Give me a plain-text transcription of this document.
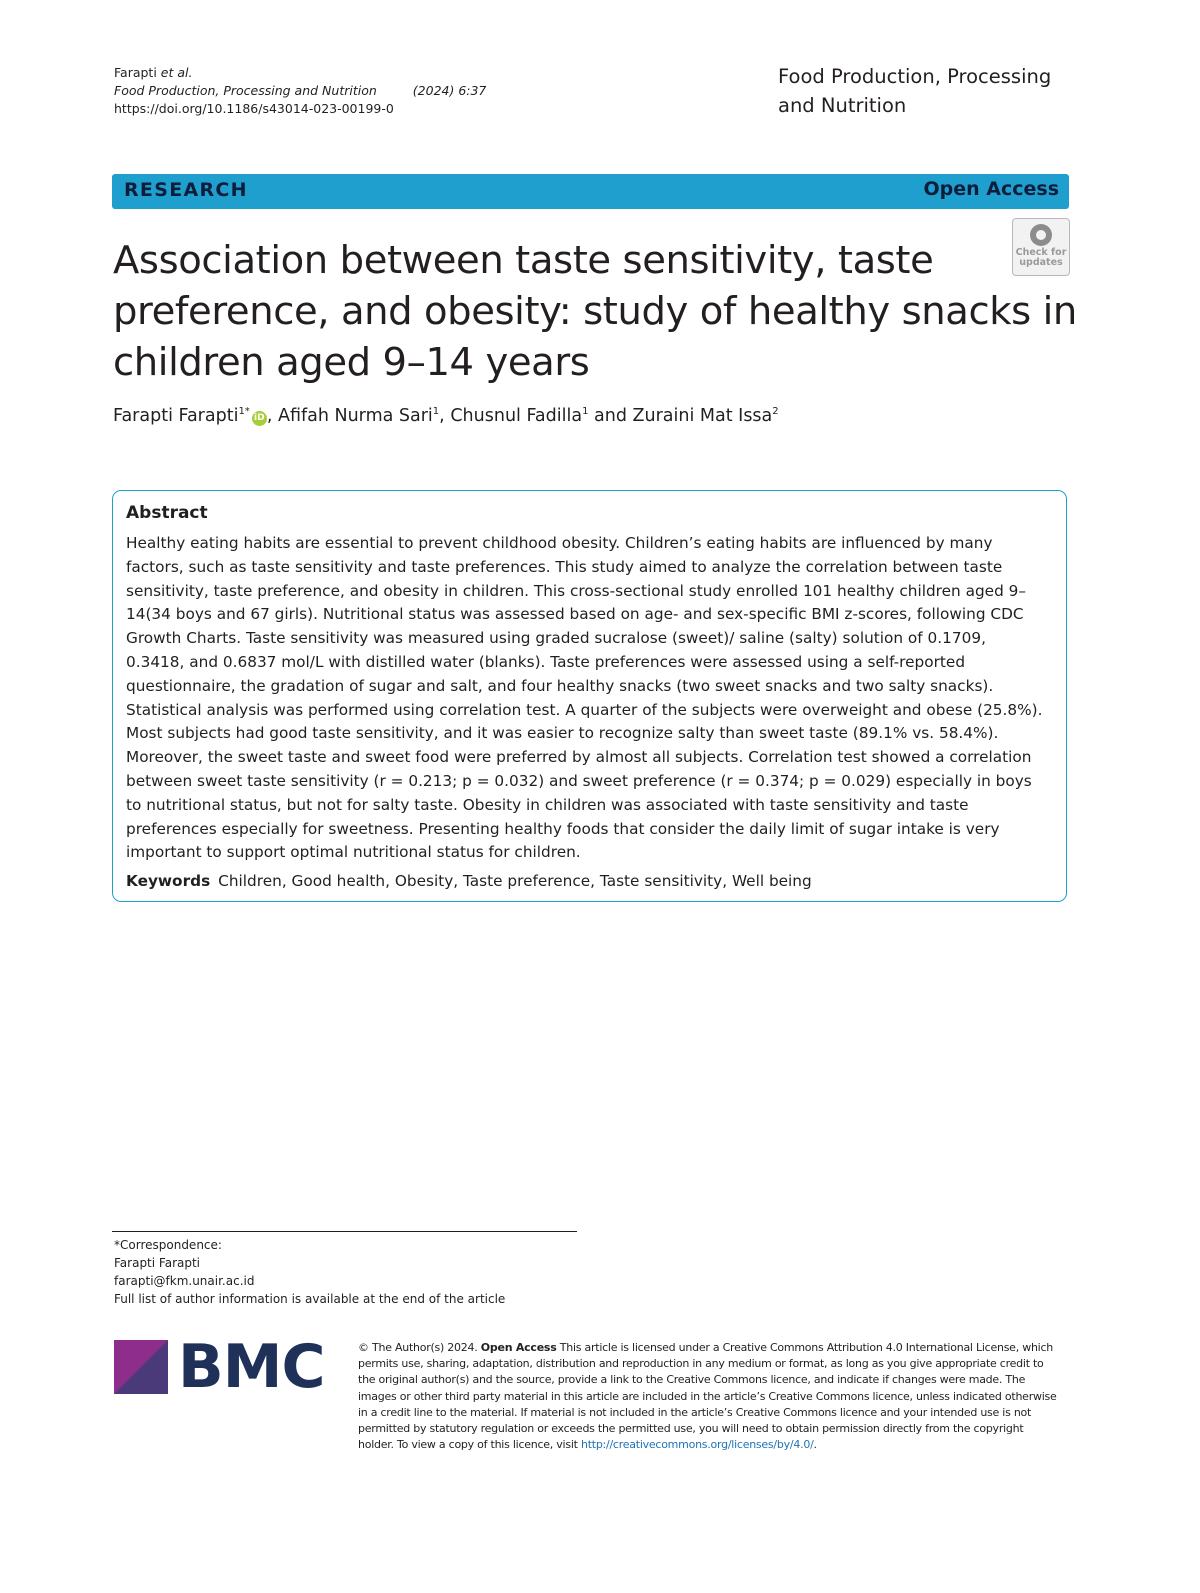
Farapti et al.
Food Production, Processing and Nutrition	(2024) 6:37
https://doi.org/10.1186/s43014-023-00199-0
Food Production, Processing and Nutrition
RESEARCH	Open Access
Association between taste sensitivity, taste preference, and obesity: study of healthy snacks in children aged 9–14 years
Check for updates
Farapti Farapti$^{1*}$iD , Afifah Nurma Sari$^1$, Chusnul Fadilla$^1$ and Zuraini Mat Issa$^2$
Abstract

Healthy eating habits are essential to prevent childhood obesity. Children’s eating habits are influenced by many factors, such as taste sensitivity and taste preferences. This study aimed to analyze the correlation between taste sensitivity, taste preference, and obesity in children. This cross-sectional study enrolled 101 healthy children aged 9–14(34 boys and 67 girls). Nutritional status was assessed based on age- and sex-specific BMI z-scores, following CDC Growth Charts. Taste sensitivity was measured using graded sucralose (sweet)/ saline (salty) solution of 0.1709, 0.3418, and 0.6837 mol/L with distilled water (blanks). Taste preferences were assessed using a self-reported questionnaire, the gradation of sugar and salt, and four healthy snacks (two sweet snacks and two salty snacks). Statistical analysis was performed using correlation test. A quarter of the subjects were overweight and obese (25.8%). Most subjects had good taste sensitivity, and it was easier to recognize salty than sweet taste (89.1% vs. 58.4%). Moreover, the sweet taste and sweet food were preferred by almost all subjects. Correlation test showed a correlation between sweet taste sensitivity (r = 0.213; p = 0.032) and sweet preference (r = 0.374; p = 0.029) especially in boys to nutritional status, but not for salty taste. Obesity in children was associated with taste sensitivity and taste preferences especially for sweetness. Presenting healthy foods that consider the daily limit of sugar intake is very important to support optimal nutritional status for children.

Keywords Children, Good health, Obesity, Taste preference, Taste sensitivity, Well being
*Correspondence:
Farapti Farapti
farapti@fkm.unair.ac.id
Full list of author information is available at the end of the article
BMC	© The Author(s) 2024. Open Access This article is licensed under a Creative Commons Attribution 4.0 International License, which permits use, sharing, adaptation, distribution and reproduction in any medium or format, as long as you give appropriate credit to the original author(s) and the source, provide a link to the Creative Commons licence, and indicate if changes were made. The images or other third party material in this article are included in the article’s Creative Commons licence, unless indicated otherwise in a credit line to the material. If material is not included in the article’s Creative Commons licence and your intended use is not permitted by statutory regulation or exceeds the permitted use, you will need to obtain permission directly from the copyright holder. To view a copy of this licence, visit http://creativecommons.org/licenses/by/4.0/.
